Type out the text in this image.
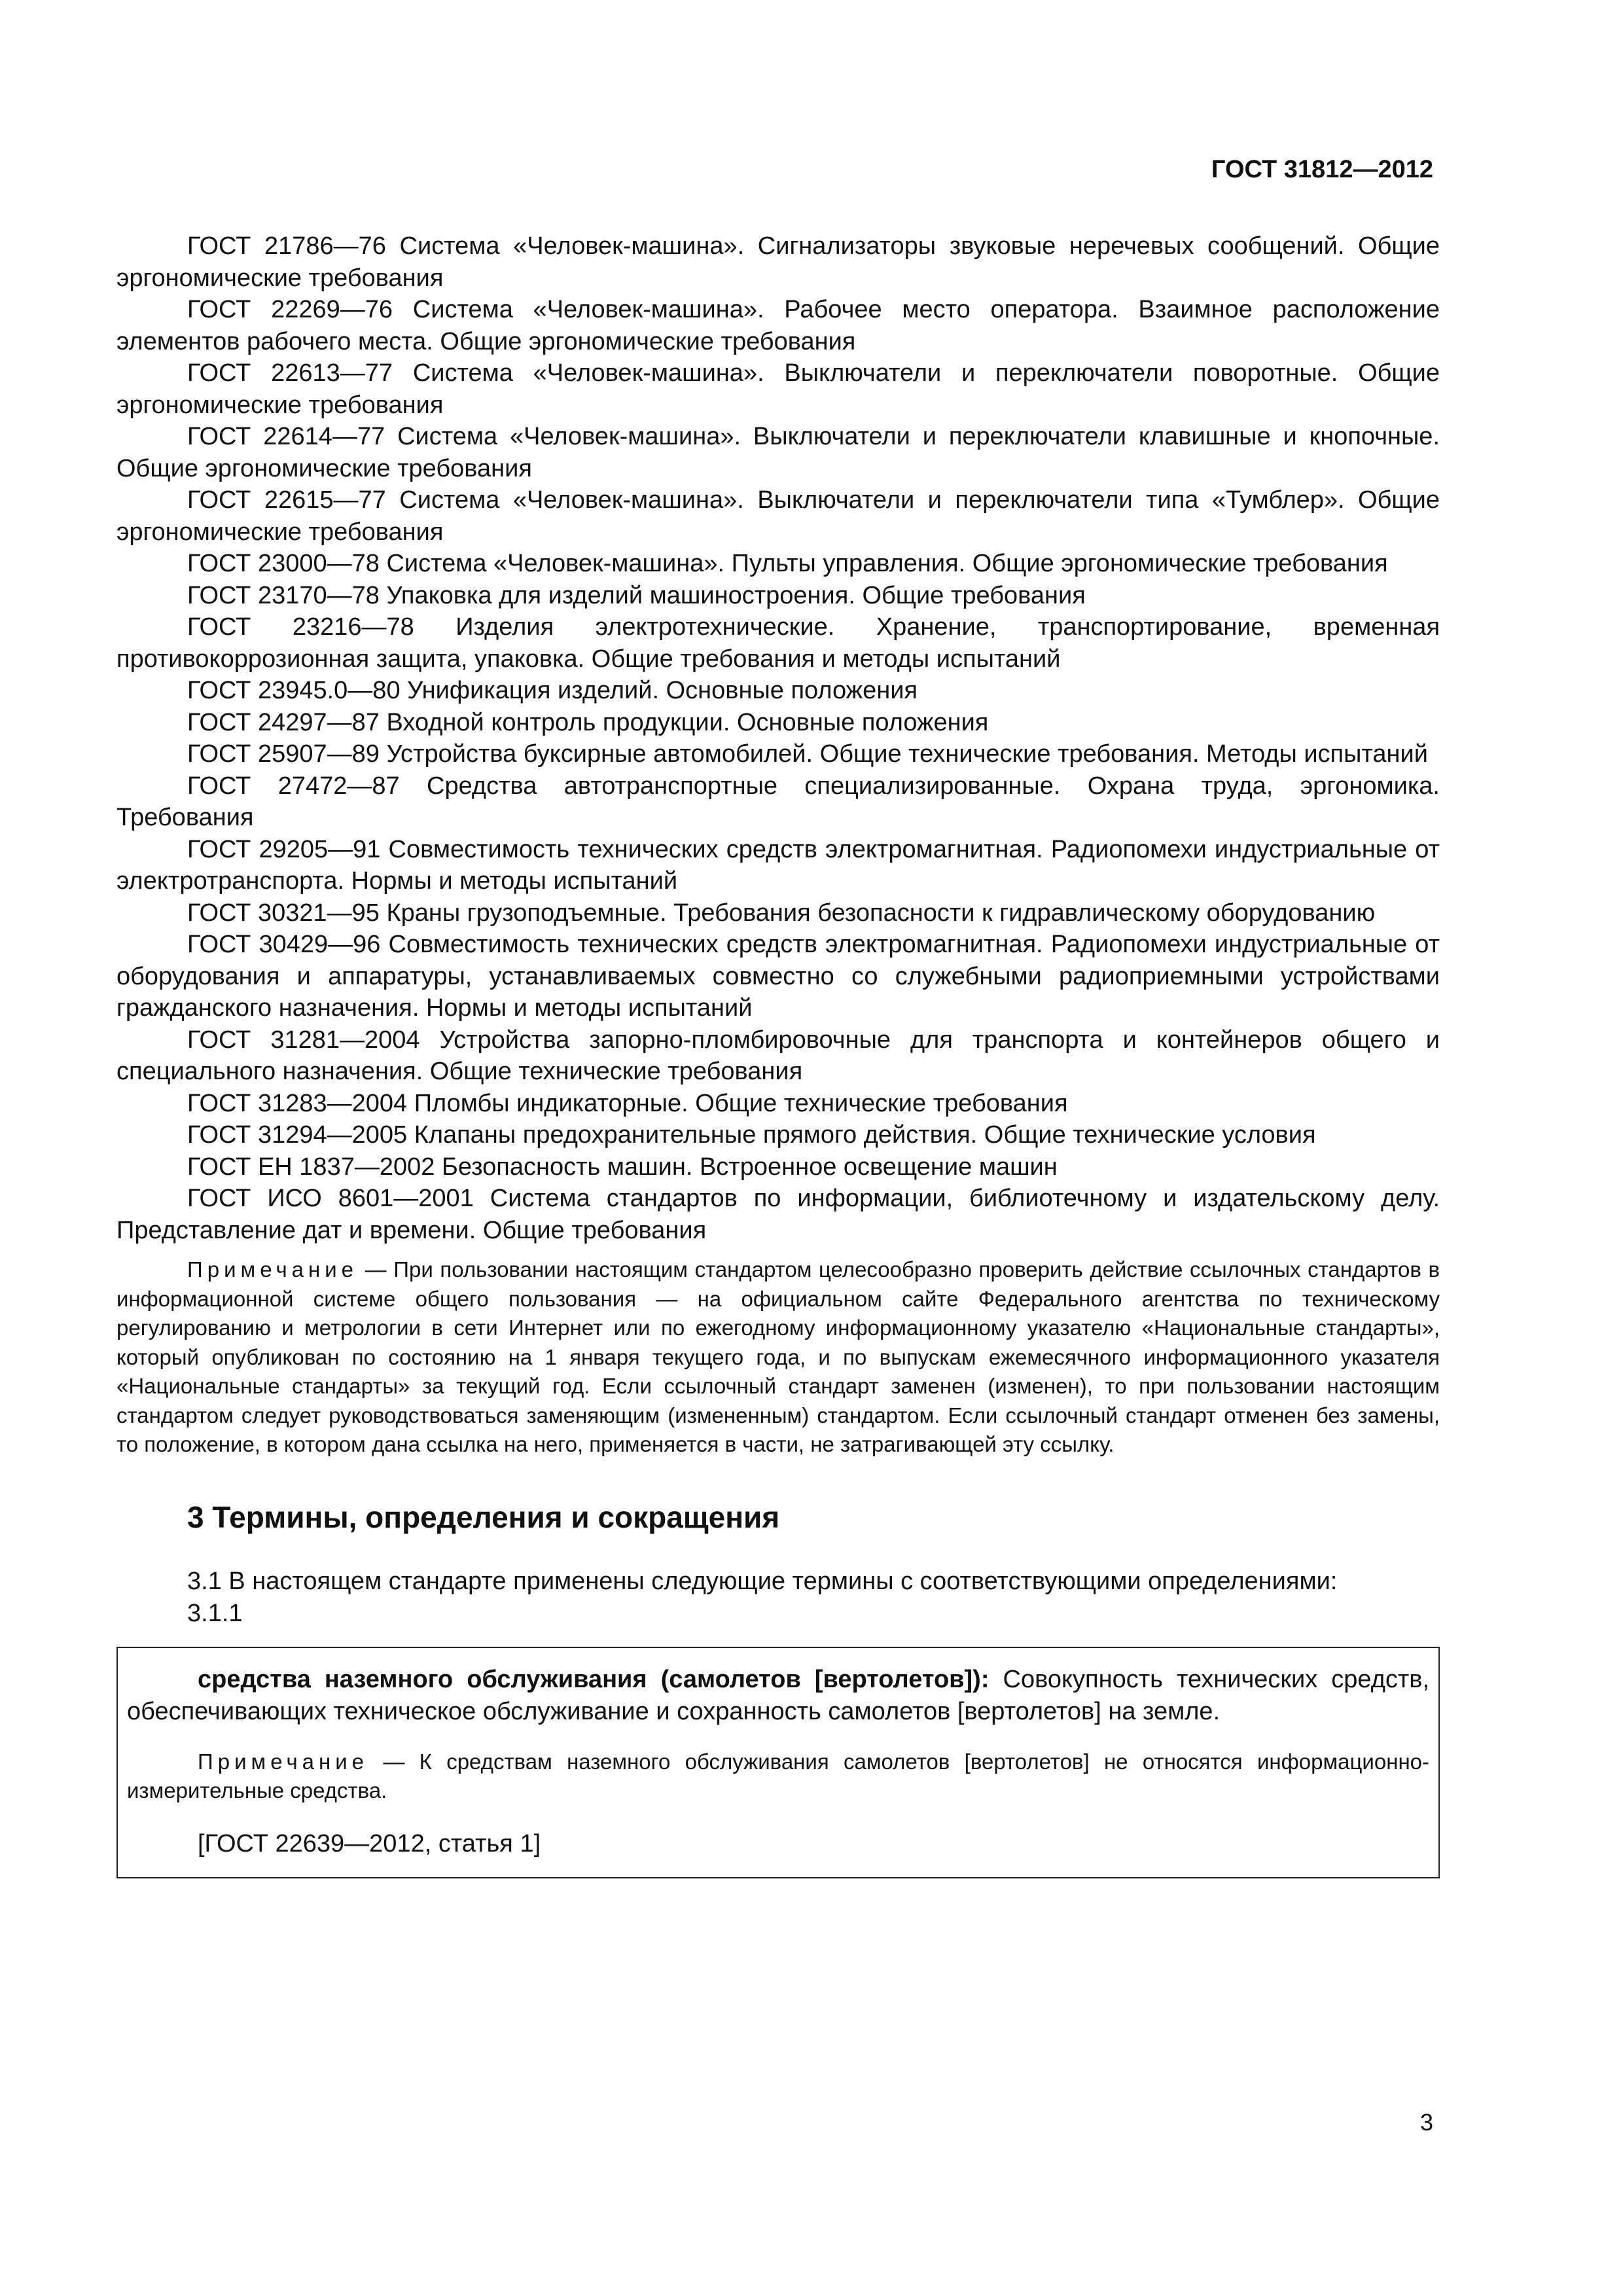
ГОСТ 31812—2012

ГОСТ 21786—76 Система «Человек-машина». Сигнализаторы звуковые неречевых сообщений. Общие эргономические требования

ГОСТ 22269—76 Система «Человек-машина». Рабочее место оператора. Взаимное расположение элементов рабочего места. Общие эргономические требования

ГОСТ 22613—77 Система «Человек-машина». Выключатели и переключатели поворотные. Общие эргономические требования

ГОСТ 22614—77 Система «Человек-машина». Выключатели и переключатели клавишные и кнопочные. Общие эргономические требования

ГОСТ 22615—77 Система «Человек-машина». Выключатели и переключатели типа «Тумблер». Общие эргономические требования

ГОСТ 23000—78 Система «Человек-машина». Пульты управления. Общие эргономические требования

ГОСТ 23170—78 Упаковка для изделий машиностроения. Общие требования

ГОСТ 23216—78 Изделия электротехнические. Хранение, транспортирование, временная противокоррозионная защита, упаковка. Общие требования и методы испытаний

ГОСТ 23945.0—80 Унификация изделий. Основные положения

ГОСТ 24297—87 Входной контроль продукции. Основные положения

ГОСТ 25907—89 Устройства буксирные автомобилей. Общие технические требования. Методы испытаний

ГОСТ 27472—87 Средства автотранспортные специализированные. Охрана труда, эргономика. Требования

ГОСТ 29205—91 Совместимость технических средств электромагнитная. Радиопомехи индустриальные от электротранспорта. Нормы и методы испытаний

ГОСТ 30321—95 Краны грузоподъемные. Требования безопасности к гидравлическому оборудованию

ГОСТ 30429—96 Совместимость технических средств электромагнитная. Радиопомехи индустриальные от оборудования и аппаратуры, устанавливаемых совместно со служебными радиоприемными устройствами гражданского назначения. Нормы и методы испытаний

ГОСТ 31281—2004 Устройства запорно-пломбировочные для транспорта и контейнеров общего и специального назначения. Общие технические требования

ГОСТ 31283—2004 Пломбы индикаторные. Общие технические требования

ГОСТ 31294—2005 Клапаны предохранительные прямого действия. Общие технические условия

ГОСТ ЕН 1837—2002 Безопасность машин. Встроенное освещение машин

ГОСТ ИСО 8601—2001 Система стандартов по информации, библиотечному и издательскому делу. Представление дат и времени. Общие требования

Примечание — При пользовании настоящим стандартом целесообразно проверить действие ссылочных стандартов в информационной системе общего пользования — на официальном сайте Федерального агентства по техническому регулированию и метрологии в сети Интернет или по ежегодному информационному указателю «Национальные стандарты», который опубликован по состоянию на 1 января текущего года, и по выпускам ежемесячного информационного указателя «Национальные стандарты» за текущий год. Если ссылочный стандарт заменен (изменен), то при пользовании настоящим стандартом следует руководствоваться заменяющим (измененным) стандартом. Если ссылочный стандарт отменен без замены, то положение, в котором дана ссылка на него, применяется в части, не затрагивающей эту ссылку.

3 Термины, определения и сокращения

3.1 В настоящем стандарте применены следующие термины с соответствующими определениями:

3.1.1

средства наземного обслуживания (самолетов [вертолетов]): Совокупность технических средств, обеспечивающих техническое обслуживание и сохранность самолетов [вертолетов] на земле.

Примечание — К средствам наземного обслуживания самолетов [вертолетов] не относятся информационно-измерительные средства.

[ГОСТ 22639—2012, статья 1]

3
